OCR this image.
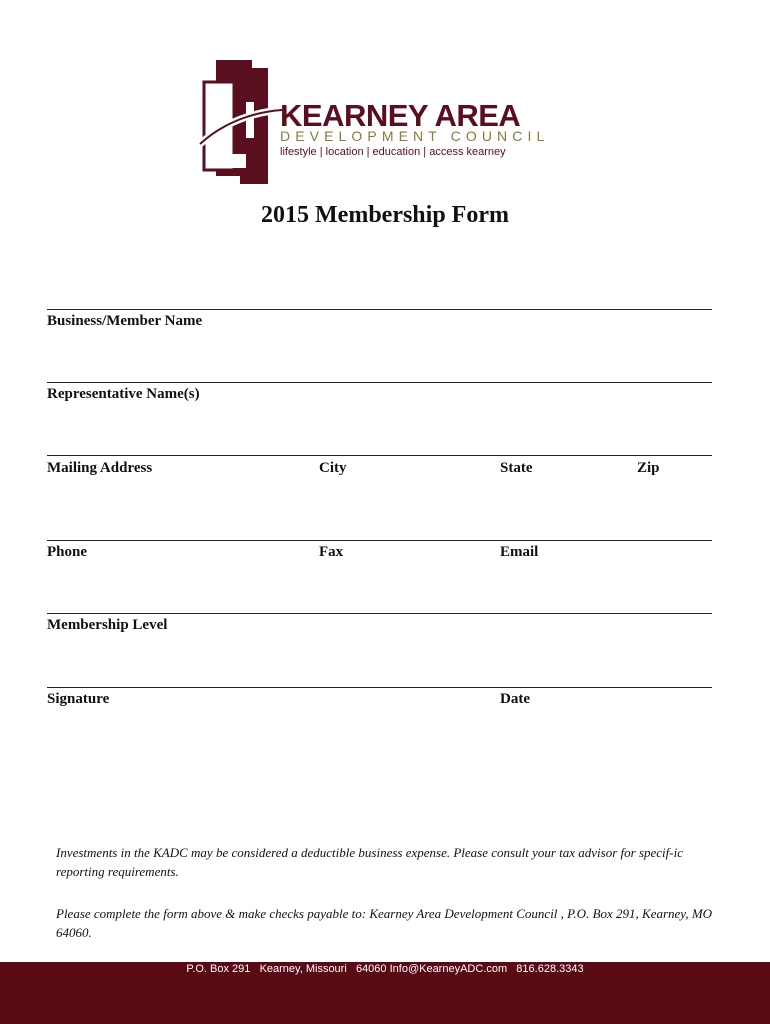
KEARNEY AREA
DEVELOPMENT COUNCIL
lifestyle | location | education | access kearney
2015 Membership Form
Business/Member Name
Representative Name(s)
Mailing Address	City	State	Zip
Phone	Fax	Email
Membership Level
Signature	Date
Investments in the KADC may be considered a deductible business expense. Please consult your tax advisor for specif-ic reporting requirements.
Please complete the form above & make checks payable to: Kearney Area Development Council , P.O. Box 291, Kearney, MO 64060.
P.O. Box 291   Kearney, Missouri   64060 Info@KearneyADC.com   816.628.3343
